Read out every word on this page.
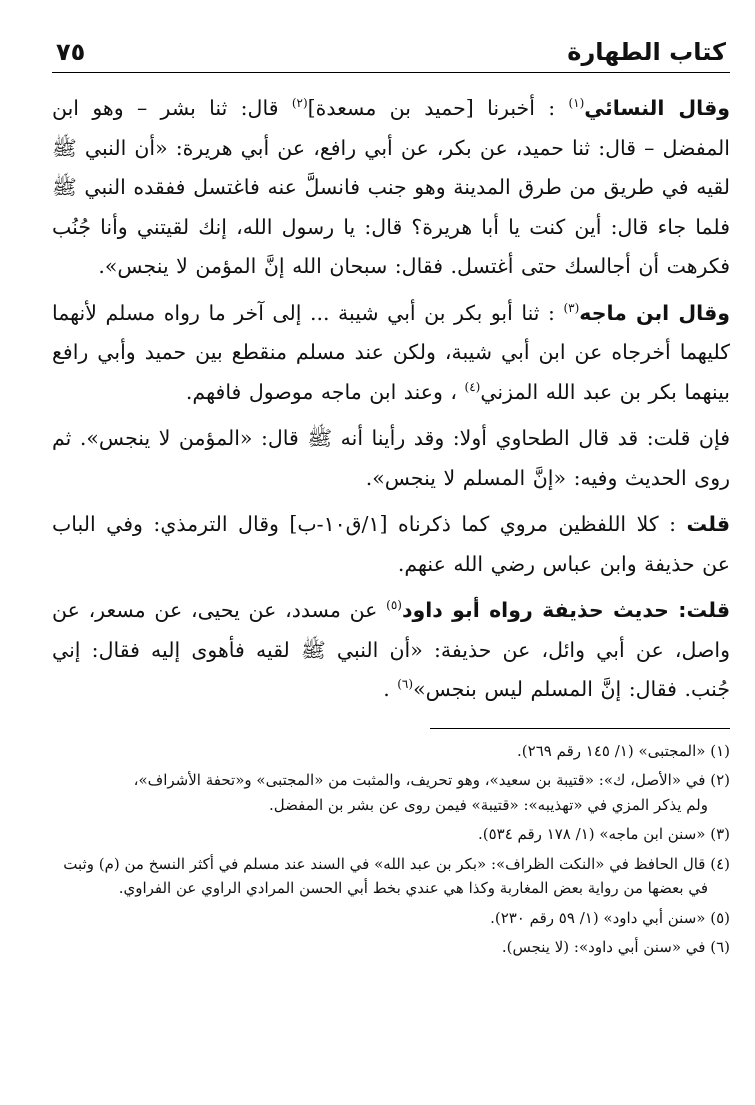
كتاب الطهارة
٧٥

وقال النسائي$^{(١)}$ : أخبرنا [حميد بن مسعدة]$^{(٢)}$ قال: ثنا بشر – وهو ابن المفضل – قال: ثنا حميد، عن بكر، عن أبي رافع، عن أبي هريرة: «أن النبي ﷺ لقيه في طريق من طرق المدينة وهو جنب فانسلَّ عنه فاغتسل ففقده النبي ﷺ فلما جاء قال: أين كنت يا أبا هريرة؟ قال: يا رسول الله، إنك لقيتني وأنا جُنُب فكرهت أن أجالسك حتى أغتسل. فقال: سبحان الله إنَّ المؤمن لا ينجس».

وقال ابن ماجه$^{(٣)}$ : ثنا أبو بكر بن أبي شيبة ... إلى آخر ما رواه مسلم لأنهما كليهما أخرجاه عن ابن أبي شيبة، ولكن عند مسلم منقطع بين حميد وأبي رافع بينهما بكر بن عبد الله المزني$^{(٤)}$ ، وعند ابن ماجه موصول فافهم.

فإن قلت: قد قال الطحاوي أولا: وقد رأينا أنه ﷺ قال: «المؤمن لا ينجس». ثم روى الحديث وفيه: «إنَّ المسلم لا ينجس».

قلت : كلا اللفظين مروي كما ذكرناه [١/ق١٠-ب] وقال الترمذي: وفي الباب عن حذيفة وابن عباس رضي الله عنهم.

قلت: حديث حذيفة رواه أبو داود$^{(٥)}$ عن مسدد، عن يحيى، عن مسعر، عن واصل، عن أبي وائل، عن حذيفة: «أن النبي ﷺ لقيه فأهوى إليه فقال: إني جُنب. فقال: إنَّ المسلم ليس بنجس»$^{(٦)}$ .

(١) «المجتبى» (١/ ١٤٥ رقم ٢٦٩).

(٢) في «الأصل، ك»: «قتيبة بن سعيد»، وهو تحريف، والمثبت من «المجتبى» و«تحفة الأشراف»،
ولم يذكر المزي في «تهذيبه»: «قتيبة» فيمن روى عن بشر بن المفضل.

(٣) «سنن ابن ماجه» (١/ ١٧٨ رقم ٥٣٤).

(٤) قال الحافظ في «النكت الظراف»: «بكر بن عبد الله» في السند عند مسلم في أكثر النسخ من (م) وثبت
في بعضها من رواية بعض المغاربة وكذا هي عندي بخط أبي الحسن المرادي الراوي عن الفراوي.

(٥) «سنن أبي داود» (١/ ٥٩ رقم ٢٣٠).

(٦) في «سنن أبي داود»: (لا ينجس).
